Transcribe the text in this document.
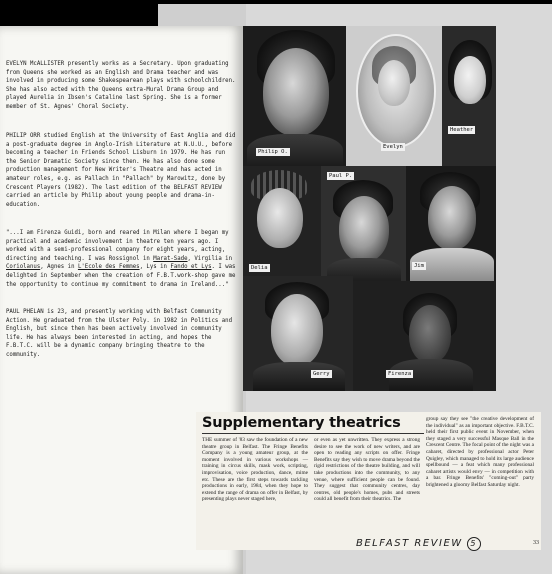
EVELYN McALLISTER presently works as a Secretary. Upon graduating from Queens she worked as an English and Drama teacher and was involved in producing some Shakespearean plays with schoolchildren. She has also acted with the Queens extra-Mural Drama Group and played Aurelia in Ibsen's Cataline last Spring. She is a former member of St. Agnes' Choral Society.

PHILIP ORR studied English at the University of East Anglia and did a post-graduate degree in Anglo-Irish Literature at N.U.U., before becoming a teacher in Friends School Lisburn in 1979. He has run the Senior Dramatic Society since then. He has also done some production management for New Writer's Theatre and has acted in amateur roles, e.g. as Pallach in "Pallach" by Marowitz, done by Crescent Players (1982). The last edition of the BELFAST REVIEW carried an article by Philip about young people and drama-in-education.

"...I am Firenza Guidi, born and reared in Milan where I began my practical and academic involvement in theatre ten years ago. I worked with a semi-professional company for eight years, acting, directing and teaching. I was Rossignol in Marat-Sade, Virgilia in Coriolanus, Agnes in L'Ecole des Femmes, Lys in Fando et Lys. I was delighted in September when the creation of F.B.T.work-shop gave me the opportunity to continue my commitment to drama in Ireland..."

PAUL PHELAN is 23, and presently working with Belfast Community Action. He graduated from the Ulster Poly. in 1982 in Politics and English, but since then has been actively involved in community life. He has always been interested in acting, and hopes the F.B.T.C. will be a dynamic company bringing theatre to the community.

Philip O.
Evelyn
Heather
Delia
Paul P.
Jim
Gerry	Firenza
Supplementary theatrics

THE summer of '83 saw the foundation of a new theatre group in Belfast. The Fringe Benefits Company is a young amateur group, at the moment involved in various workshops — training in circus skills, mask work, scripting, improvisation, voice production, dance, mime etc. These are the first steps towards tackling productions in early, 1984, when they hope to extend the range of drama on offer in Belfast, by presenting plays never staged here,

or even as yet unwritten. They express a strong desire to see the work of new writers, and are open to reading any scripts on offer. Fringe Benefits say they wish to move drama beyond the rigid restrictions of the theatre building, and will take productions into the community, to any venue, where sufficient people can be found. They suggest that community centres, day centres, old people's homes, pubs and streets could all benefit from their theatrics. The

group say they see "the creative development of the individual" as an important objective. F.B.T.C. held their first public event in November, when they staged a very successful Masque Ball in the Crescent Centre. The focal point of the night was a cabaret, directed by professional actor Peter Quigley, which managed to hold its large audience spellbound — a feat which many professional cabaret artists would envy — in competition with a bar. Fringe Benefits' "coming-out" party brightened a gloomy Belfast Saturday night.

BELFAST REVIEW 5	33
